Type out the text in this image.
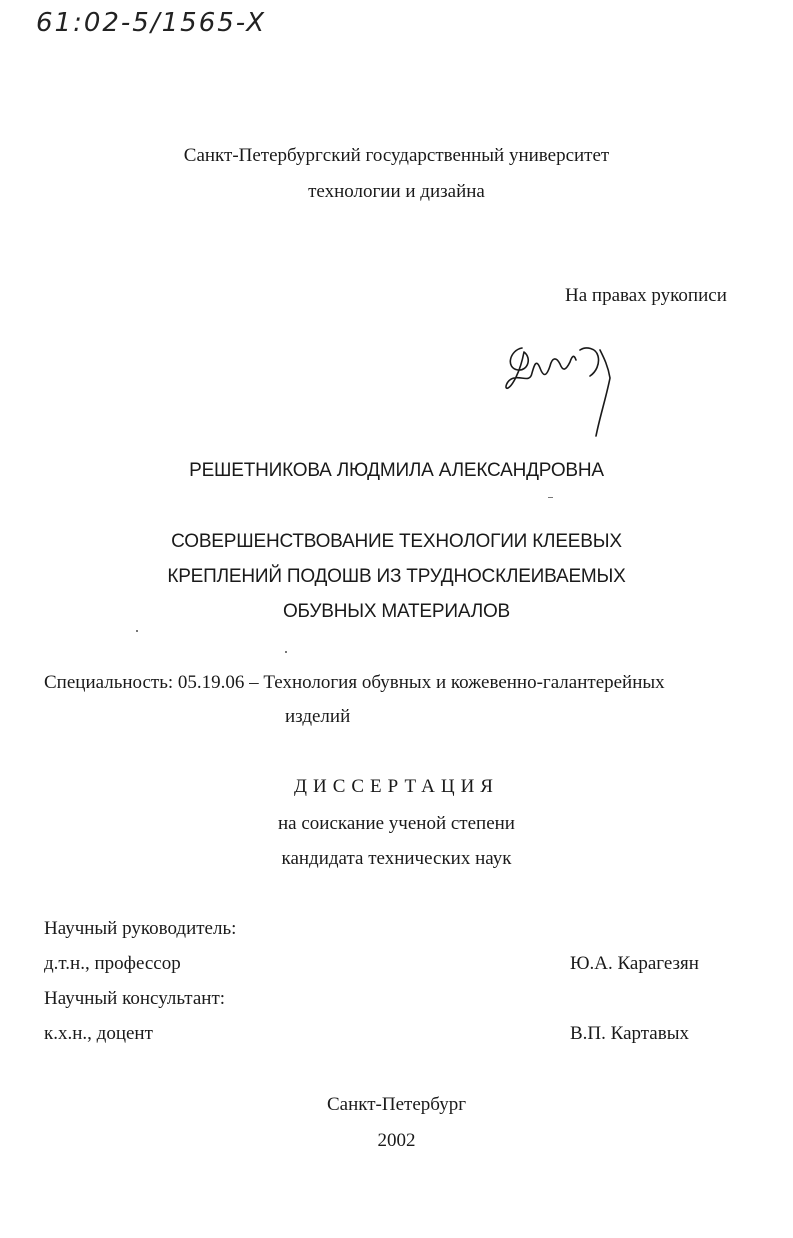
61:02-5/1565-X
Санкт-Петербургский государственный университет
технологии и дизайна
На правах рукописи
РЕШЕТНИКОВА ЛЮДМИЛА АЛЕКСАНДРОВНА
СОВЕРШЕНСТВОВАНИЕ ТЕХНОЛОГИИ КЛЕЕВЫХ
КРЕПЛЕНИЙ ПОДОШВ ИЗ ТРУДНОСКЛЕИВАЕМЫХ
ОБУВНЫХ МАТЕРИАЛОВ
Специальность: 05.19.06 – Технология обувных и кожевенно-галантерейных
изделий
ДИССЕРТАЦИЯ
на соискание ученой степени
кандидата технических наук
Научный руководитель:
д.т.н., профессор	Ю.А. Карагезян
Научный консультант:
к.х.н., доцент	В.П. Картавых
Санкт-Петербург
2002
